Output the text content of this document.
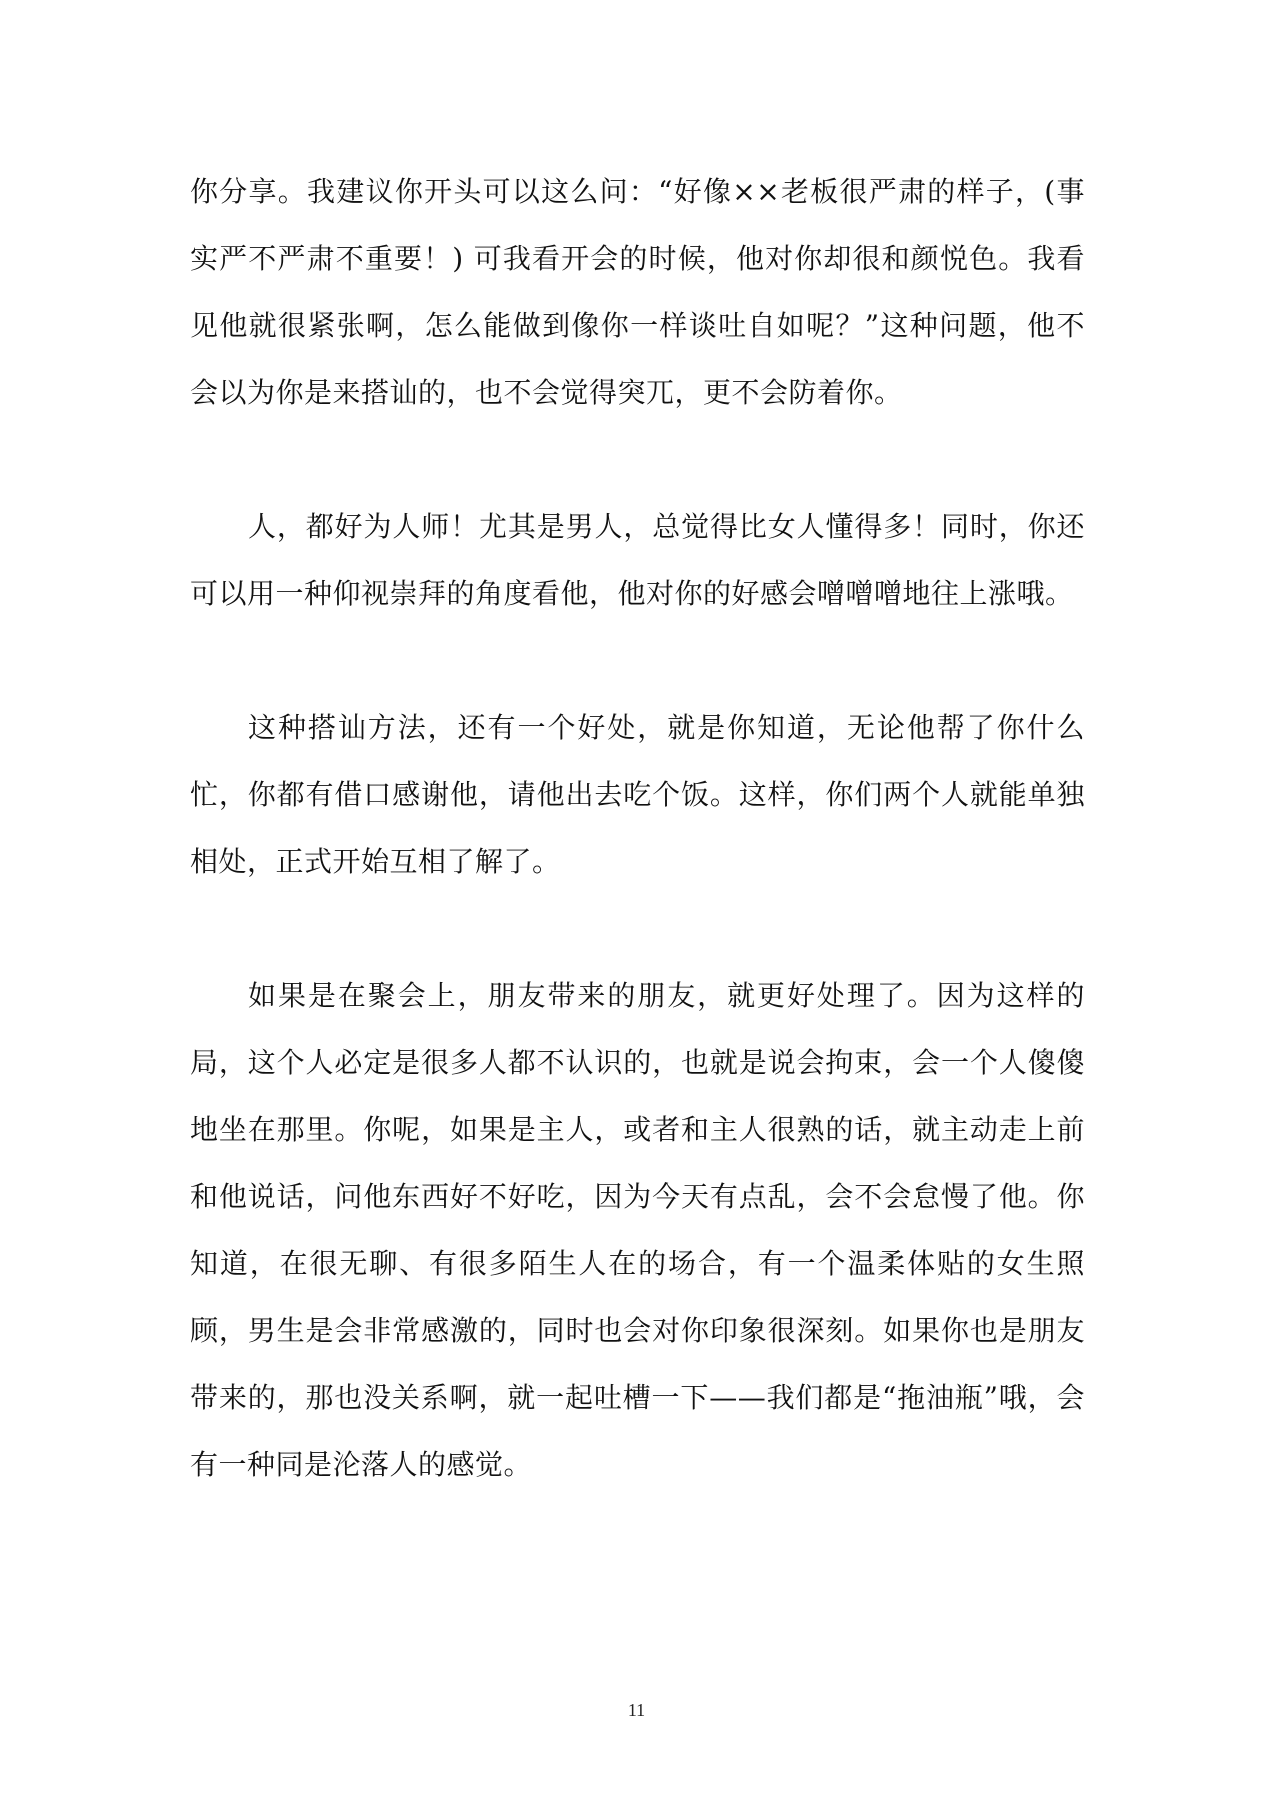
你分享。我建议你开头可以这么问：“好像××老板很严肃的样子，(事实严不严肃不重要！) 可我看开会的时候，他对你却很和颜悦色。我看见他就很紧张啊，怎么能做到像你一样谈吐自如呢？”这种问题，他不会以为你是来搭讪的，也不会觉得突兀，更不会防着你。

人，都好为人师！尤其是男人，总觉得比女人懂得多！同时，你还可以用一种仰视崇拜的角度看他，他对你的好感会噌噌噌地往上涨哦。

这种搭讪方法，还有一个好处，就是你知道，无论他帮了你什么忙，你都有借口感谢他，请他出去吃个饭。这样，你们两个人就能单独相处，正式开始互相了解了。

如果是在聚会上，朋友带来的朋友，就更好处理了。因为这样的局，这个人必定是很多人都不认识的，也就是说会拘束，会一个人傻傻地坐在那里。你呢，如果是主人，或者和主人很熟的话，就主动走上前和他说话，问他东西好不好吃，因为今天有点乱，会不会怠慢了他。你知道，在很无聊、有很多陌生人在的场合，有一个温柔体贴的女生照顾，男生是会非常感激的，同时也会对你印象很深刻。如果你也是朋友带来的，那也没关系啊，就一起吐槽一下——我们都是“拖油瓶”哦，会有一种同是沦落人的感觉。

11
